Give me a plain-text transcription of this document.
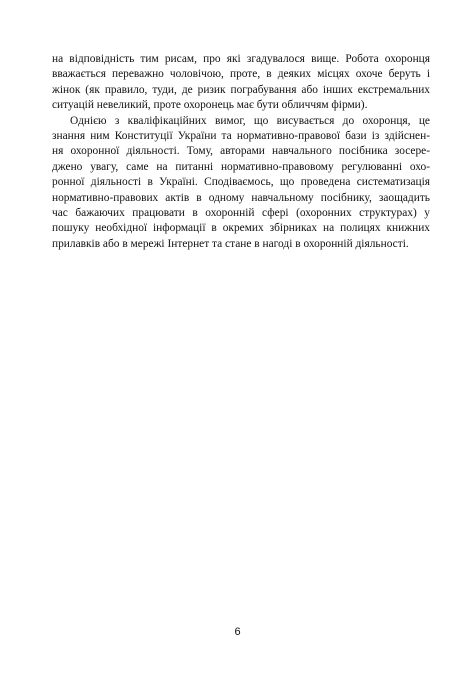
на відповідність тим рисам, про які згадувалося вище. Робота охоронця
вважається переважно чоловічою, проте, в деяких місцях охоче беруть і
жінок (як правило, туди, де ризик пограбування або інших екстремальних
ситуацій невеликий, проте охоронець має бути обличчям фірми).
Однією з кваліфікаційних вимог, що висувається до охоронця, це
знання ним Конституції України та нормативно-правової бази із здійснен-
ня охоронної діяльності. Тому, авторами навчального посібника зосере-
джено увагу, саме на питанні нормативно-правовому регулюванні охо-
ронної діяльності в Україні. Сподіваємось, що проведена систематизація
нормативно-правових актів в одному навчальному посібнику, заощадить
час бажаючих працювати в охоронній сфері (охоронних структурах) у
пошуку необхідної інформації в окремих збірниках на полицях книжних
прилавків або в мережі Інтернет та стане в нагоді в охоронній діяльності.
6
